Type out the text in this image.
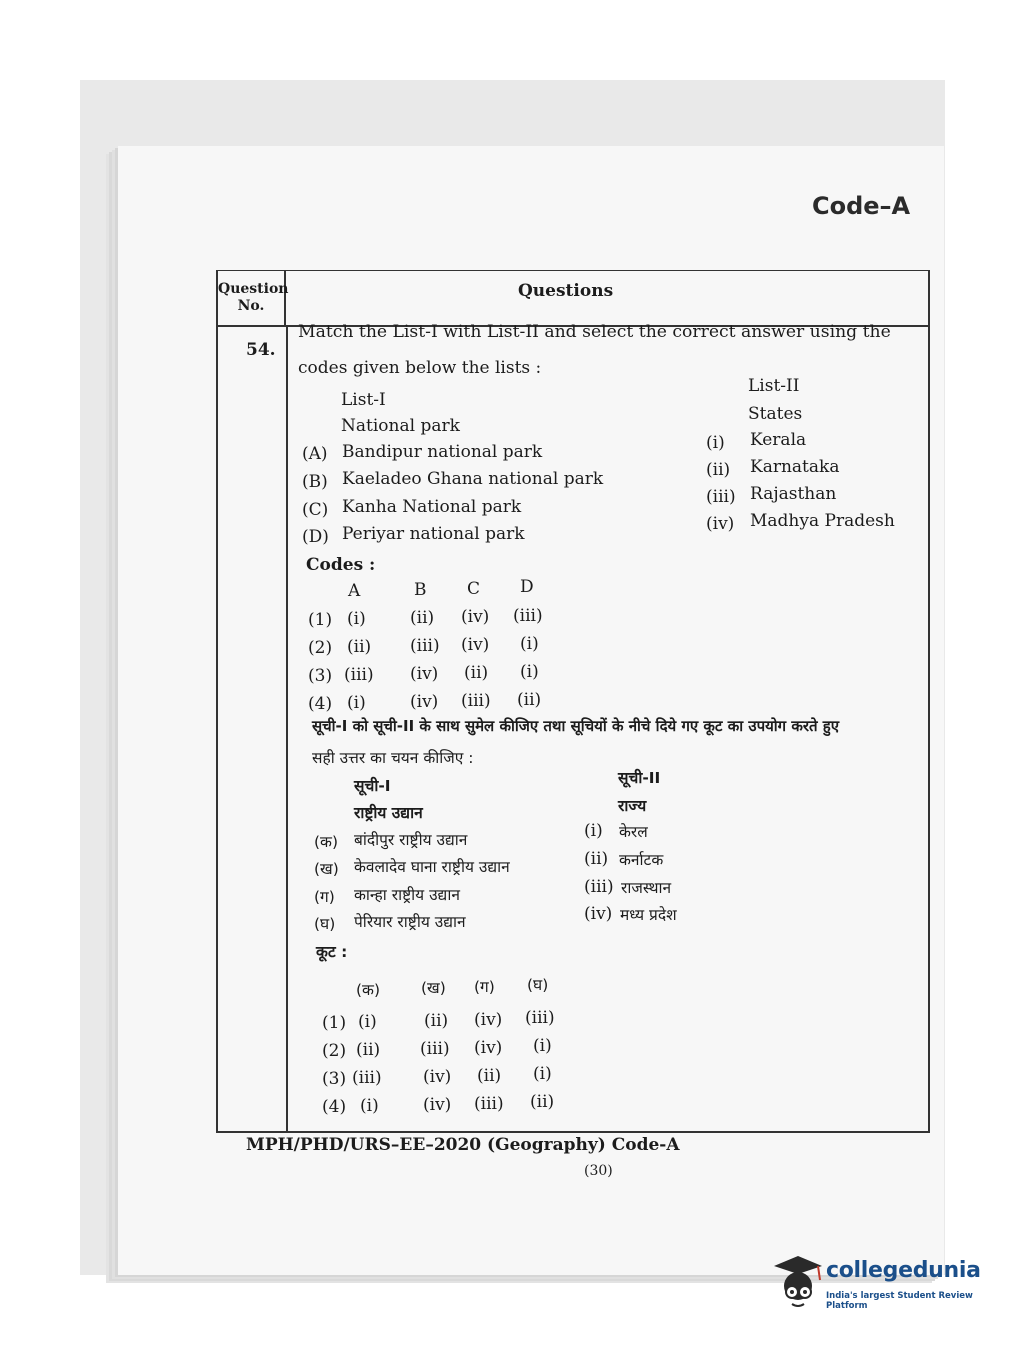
Code–A
Question No.
Questions
54.
Match the List-I with List-II and select the correct answer using the
codes given below the lists :
List-I
National park
List-II
States
(A) Bandipur national park
(B) Kaeladeo Ghana national park
(C) Kanha National park
(D) Periyar national park
(i) Kerala
(ii) Karnataka
(iii) Rajasthan
(iv) Madhya Pradesh
Codes :
A	B C D
(1) (i)	(ii) (iv) (iii)
(2) (ii) (iii) (iv) (i)
(3) (iii) (iv) (ii) (i)
(4) (i)	(iv) (iii) (ii)
सूची-I को सूची-II के साथ सुमेल कीजिए तथा सूचियों के नीचे दिये गए कूट का उपयोग करते हुए
सही उत्तर का चयन कीजिए :
सूची-I
राष्ट्रीय उद्यान
सूची-II
राज्य
(क) बांदीपुर राष्ट्रीय उद्यान
(ख) केवलादेव घाना राष्ट्रीय उद्यान
(ग) कान्हा राष्ट्रीय उद्यान
(घ) पेरियार राष्ट्रीय उद्यान
(i) केरल
(ii) कर्नाटक
(iii) राजस्थान
(iv) मध्य प्रदेश
कूट :
(क)	(ख) (ग) (घ)
(1) (i)	(ii) (iv) (iii)
(2) (ii) (iii) (iv) (i)
(3) (iii) (iv) (ii) (i)
(4) (i)	(iv) (iii) (ii)
MPH/PHD/URS–EE–2020 (Geography) Code-A
(30)
collegedunia
India's largest Student Review Platform
